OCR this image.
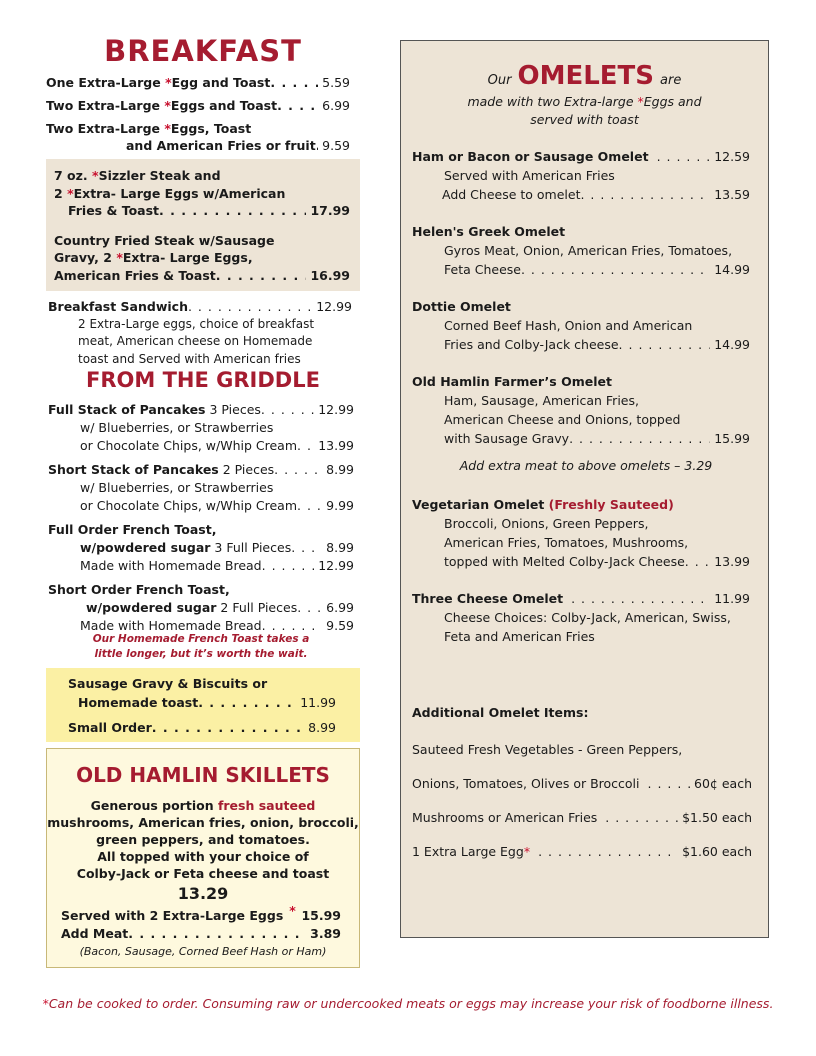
BREAKFAST
One Extra-Large *Egg and Toast . . .	5.59
Two Extra-Large *Eggs and Toast . . .	6.99
Two Extra-Large *Eggs, Toast
and American Fries or fruit . . . 9.59
7 oz. *Sizzler Steak and
2 *Extra- Large Eggs w/American
Fries & Toast . . .	17.99
Country Fried Steak w/Sausage
Gravy, 2 *Extra- Large Eggs,
American Fries & Toast . . .	16.99
Breakfast Sandwich . . .	12.99
2 Extra-Large eggs, choice of breakfast
meat, American cheese on Homemade
toast and Served with American fries
FROM THE GRIDDLE
Full Stack of Pancakes 3 Pieces . . .	12.99
w/ Blueberries, or Strawberries
or Chocolate Chips, w/Whip Cream . . .	13.99
Short Stack of Pancakes 2 Pieces . . .	8.99
w/ Blueberries, or Strawberries
or Chocolate Chips, w/Whip Cream . . .	9.99
Full Order French Toast,
w/powdered sugar 3 Full Pieces . . .	8.99
Made with Homemade Bread . . .	12.99
Short Order French Toast,
w/powdered sugar 2 Full Pieces . . .	6.99
Made with Homemade Bread . . .	9.59
Our Homemade French Toast takes a
little longer, but it’s worth the wait.
Sausage Gravy & Biscuits or
Homemade toast . . .	11.99
Small Order . . .	8.99
OLD HAMLIN SKILLETS
Generous portion fresh sauteed
mushrooms, American fries, onion, broccoli,
green peppers, and tomatoes.
All topped with your choice of
Colby-Jack or Feta cheese and toast
13.29
Served with 2 Extra-Large Eggs * . . . 15.99
Add Meat . . .	3.89
(Bacon, Sausage, Corned Beef Hash or Ham)
Our OMELETS are
made with two Extra-large *Eggs and
served with toast
Ham or Bacon or Sausage Omelet . . .	12.59
Served with American Fries
Add Cheese to omelet . . .	13.59
Helen's Greek Omelet
Gyros Meat, Onion, American Fries, Tomatoes,
Feta Cheese . . .	14.99
Dottie Omelet
Corned Beef Hash, Onion and American
Fries and Colby-Jack cheese . . .	14.99
Old Hamlin Farmer’s Omelet
Ham, Sausage, American Fries,
American Cheese and Onions, topped
with Sausage Gravy . . .	15.99
Add extra meat to above omelets – 3.29
Vegetarian Omelet (Freshly Sauteed)
Broccoli, Onions, Green Peppers,
American Fries, Tomatoes, Mushrooms,
topped with Melted Colby-Jack Cheese . . .	13.99
Three Cheese Omelet . . .	11.99
Cheese Choices: Colby-Jack, American, Swiss,
Feta and American Fries
Additional Omelet Items:
Sauteed Fresh Vegetables - Green Peppers,
Onions, Tomatoes, Olives or Broccoli . . .	60¢ each
Mushrooms or American Fries . . .	$1.50 each
1 Extra Large Egg * . . .	$1.60 each
*Can be cooked to order. Consuming raw or undercooked meats or eggs may increase your risk of foodborne illness.
